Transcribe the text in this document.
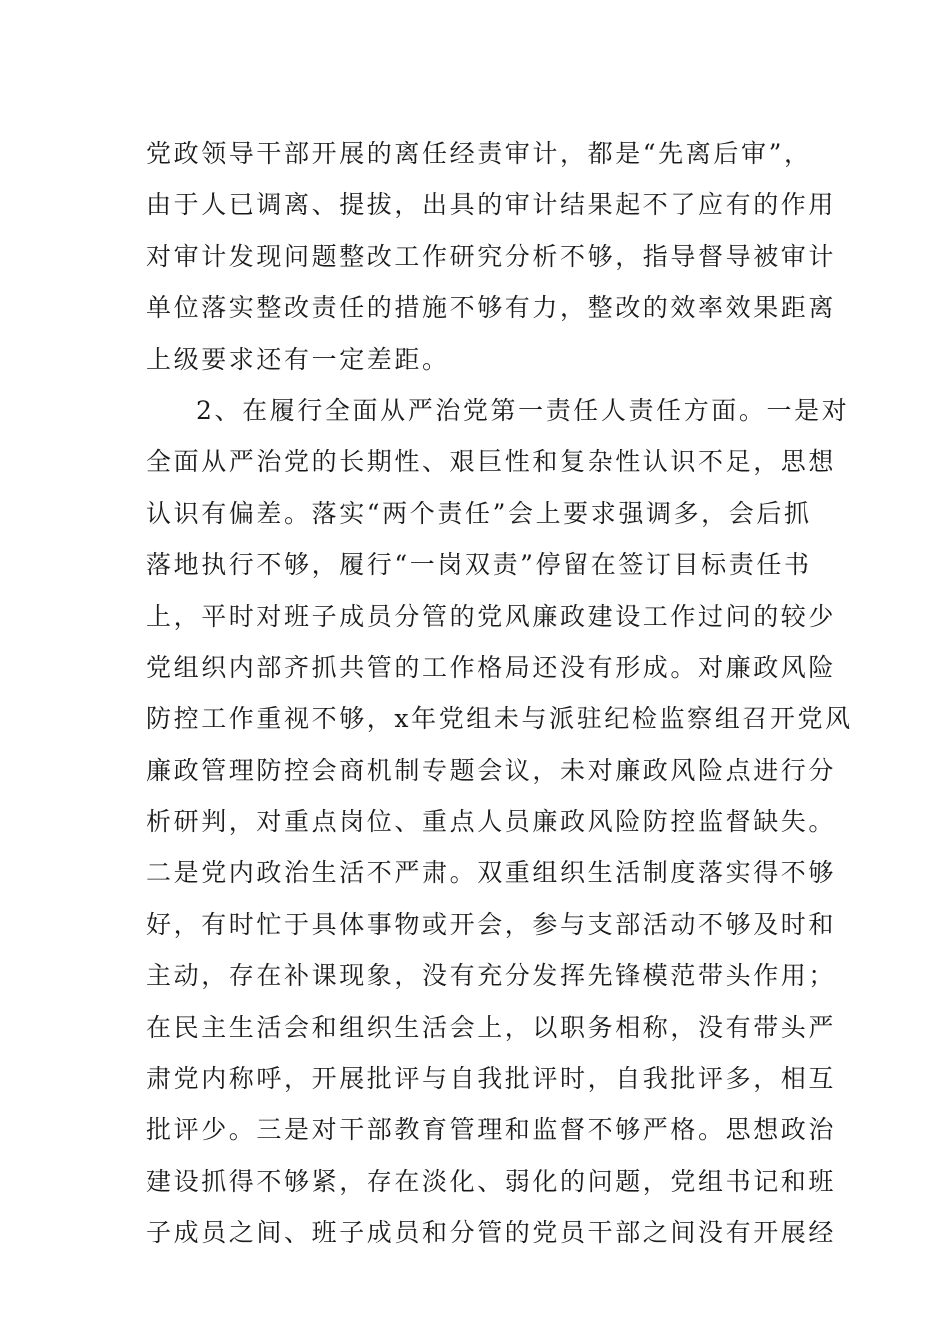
党政领导干部开展的离任经责审计，都是“先离后审”，
由于人已调离、提拔，出具的审计结果起不了应有的作用
对审计发现问题整改工作研究分析不够，指导督导被审计
单位落实整改责任的措施不够有力，整改的效率效果距离
上级要求还有一定差距。
2、在履行全面从严治党第一责任人责任方面。一是对
全面从严治党的长期性、艰巨性和复杂性认识不足，思想
认识有偏差。落实“两个责任”会上要求强调多，会后抓
落地执行不够，履行“一岗双责”停留在签订目标责任书
上，平时对班子成员分管的党风廉政建设工作过问的较少
党组织内部齐抓共管的工作格局还没有形成。对廉政风险
防控工作重视不够，x年党组未与派驻纪检监察组召开党风
廉政管理防控会商机制专题会议，未对廉政风险点进行分
析研判，对重点岗位、重点人员廉政风险防控监督缺失。
二是党内政治生活不严肃。双重组织生活制度落实得不够
好，有时忙于具体事物或开会，参与支部活动不够及时和
主动，存在补课现象，没有充分发挥先锋模范带头作用；
在民主生活会和组织生活会上，以职务相称，没有带头严
肃党内称呼，开展批评与自我批评时，自我批评多，相互
批评少。三是对干部教育管理和监督不够严格。思想政治
建设抓得不够紧，存在淡化、弱化的问题，党组书记和班
子成员之间、班子成员和分管的党员干部之间没有开展经
